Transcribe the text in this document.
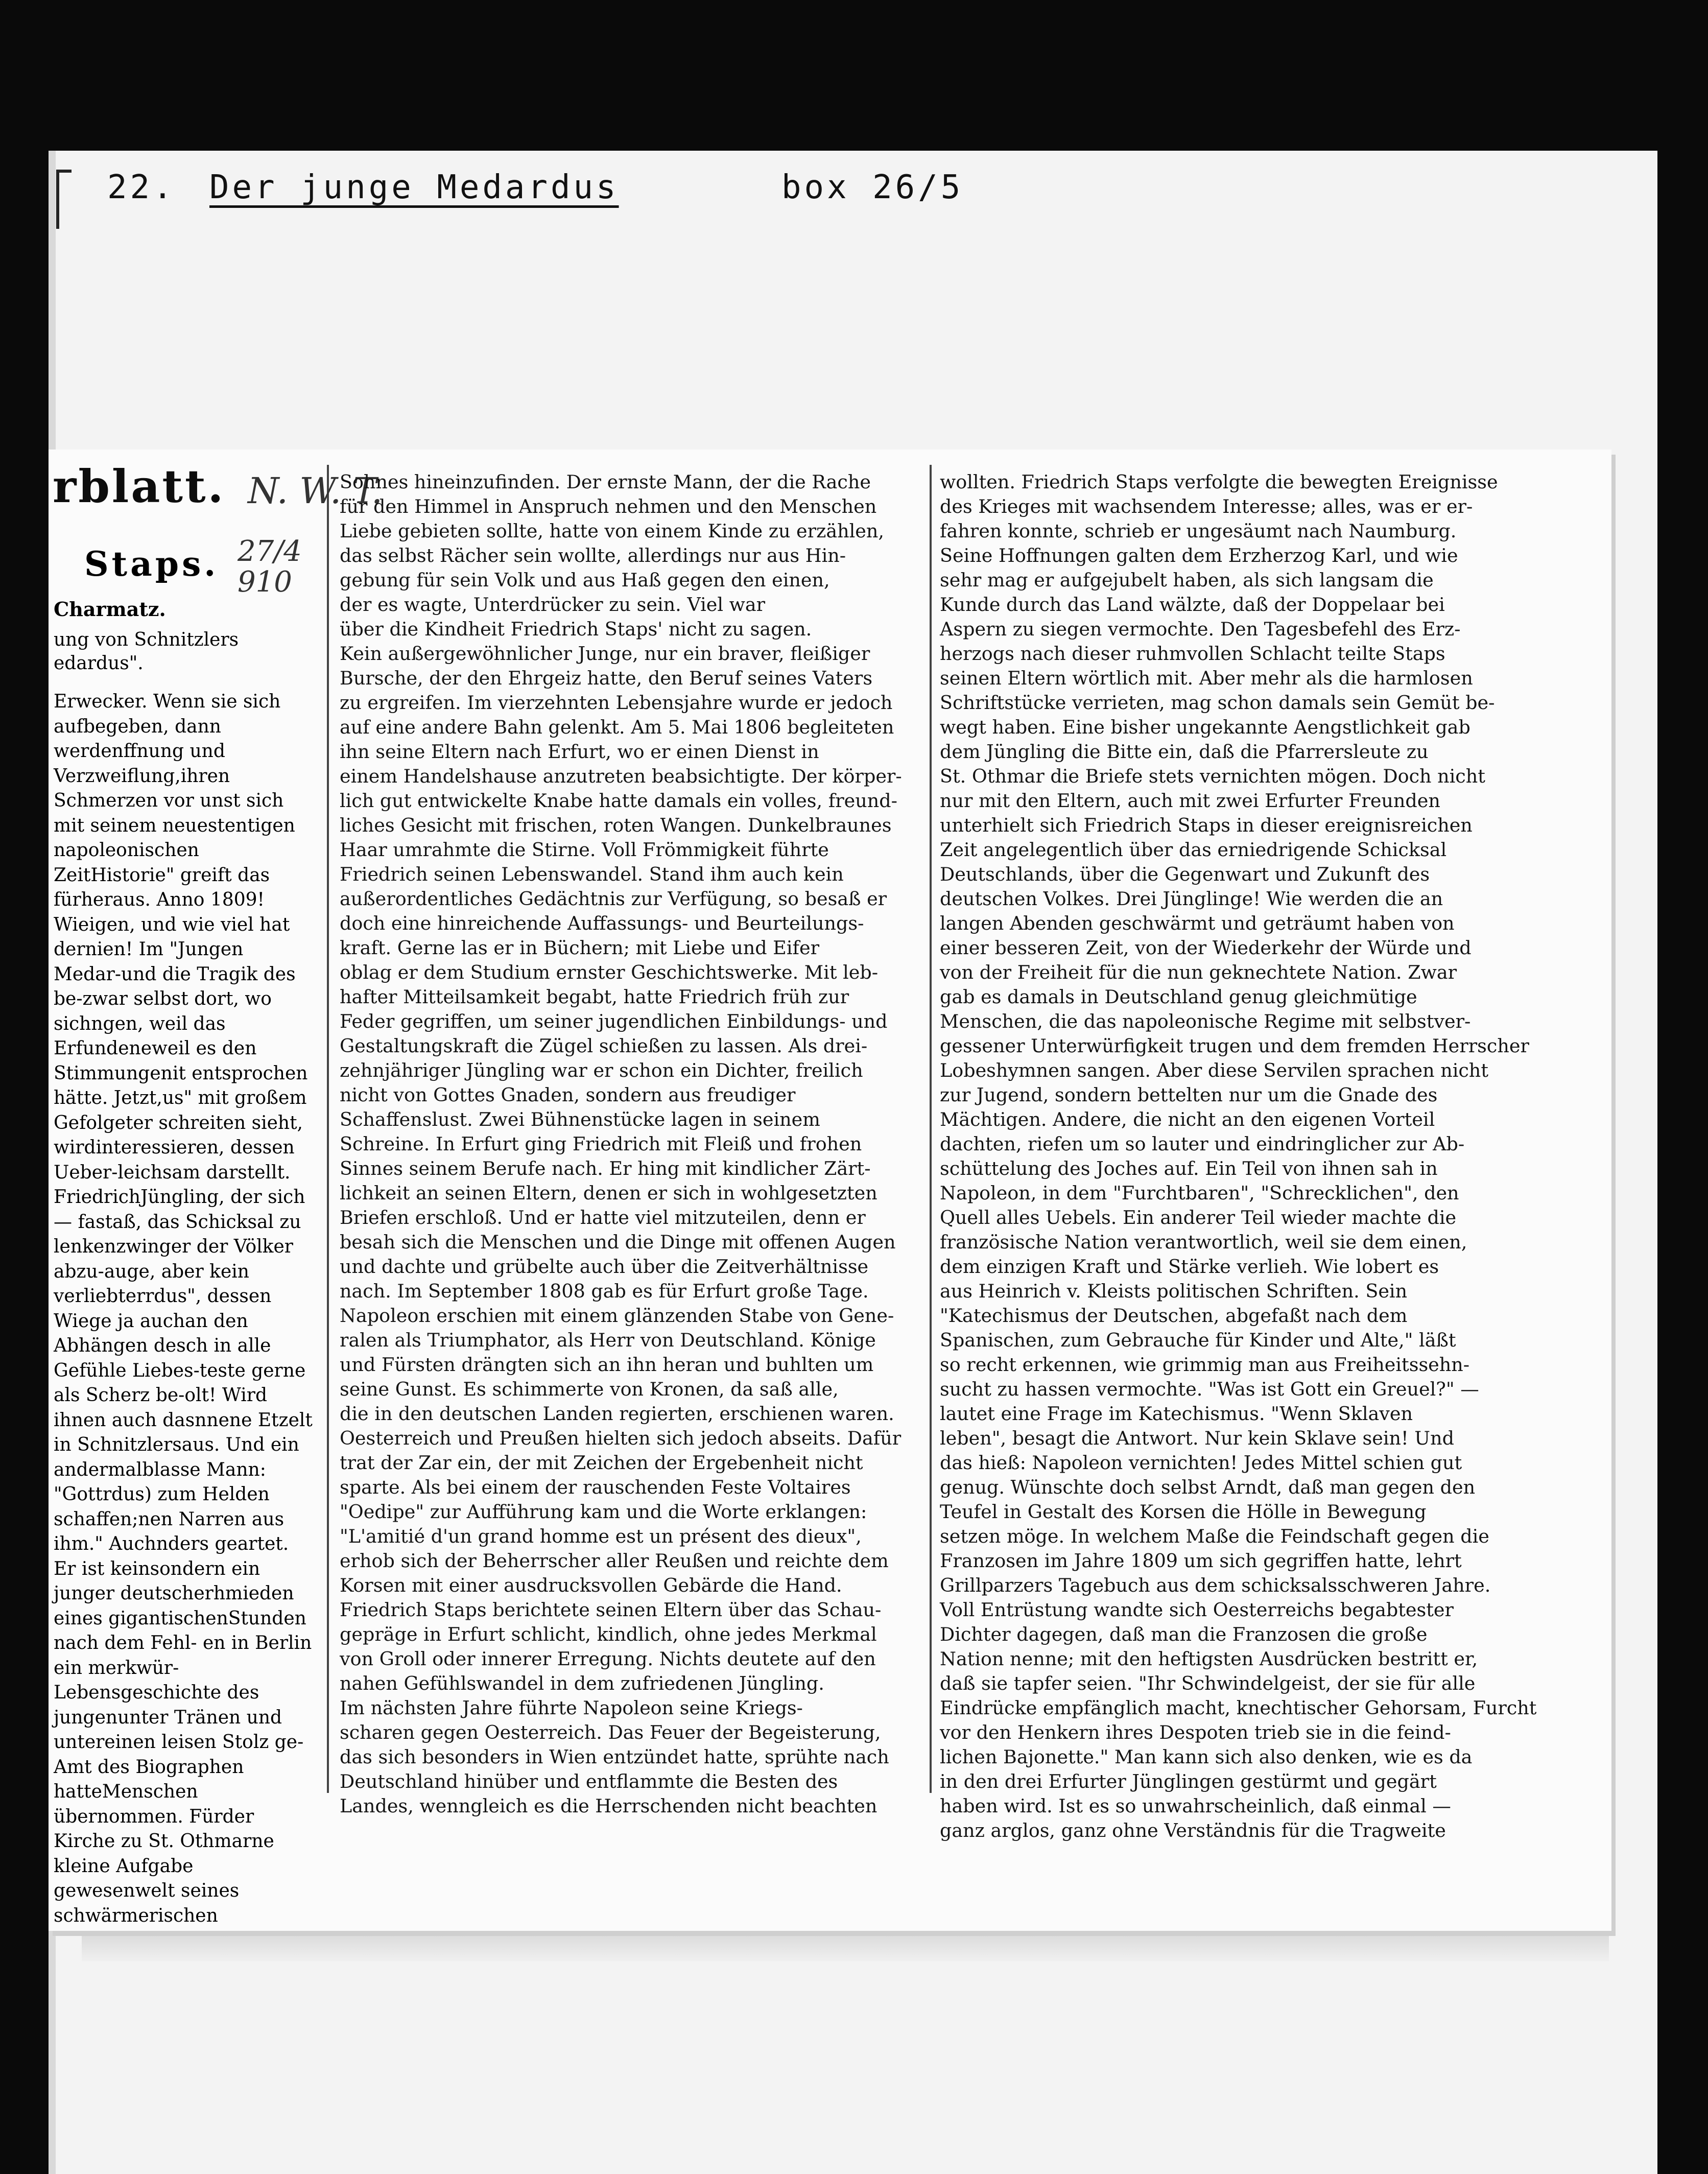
22. Der junge Medardus	box 26/5
rblatt. N. W. T.
Staps. 27/4 910
Charmatz.
ung von Schnitzlers edardus".
Erwecker. Wenn sie sich aufbegeben, dann werdenffnung und Verzweiflung,ihren Schmerzen vor unst sich mit seinem neuestentigen napoleonischen ZeitHistorie" greift das fürheraus. Anno 1809! Wieigen, und wie viel hat dernien! Im "Jungen Medar-und die Tragik des be-zwar selbst dort, wo sichngen, weil das Erfundeneweil es den Stimmungenit entsprochen hätte. Jetzt,us" mit großem Gefolgeter schreiten sieht, wirdinteressieren, dessen Ueber-leichsam darstellt. FriedrichJüngling, der sich — fastaß, das Schicksal zu lenkenzwinger der Völker abzu-auge, aber kein verliebterrdus", dessen Wiege ja auchan den Abhängen desch in alle Gefühle Liebes-teste gerne als Scherz be-olt! Wird ihnen auch dasnnene Etzelt in Schnitzlersaus. Und ein andermalblasse Mann: "Gottrdus) zum Helden schaffen;nen Narren aus ihm." Auchnders geartet. Er ist keinsondern ein junger deutscherhmieden eines gigantischenStunden nach dem Fehl- en in Berlin ein merkwür-Lebensgeschichte des jungenunter Tränen und untereinen leisen Stolz ge-Amt des Biographen hatteMenschen übernommen. Fürder Kirche zu St. Othmarne kleine Aufgabe gewesenwelt seines schwärmerischen
Sohnes hineinzufinden. Der ernste Mann, der die Rache
für den Himmel in Anspruch nehmen und den Menschen
Liebe gebieten sollte, hatte von einem Kinde zu erzählen,
das selbst Rächer sein wollte, allerdings nur aus Hin-
gebung für sein Volk und aus Haß gegen den einen,
der es wagte, Unterdrücker zu sein. Viel war
über die Kindheit Friedrich Staps' nicht zu sagen.
Kein außergewöhnlicher Junge, nur ein braver, fleißiger
Bursche, der den Ehrgeiz hatte, den Beruf seines Vaters
zu ergreifen. Im vierzehnten Lebensjahre wurde er jedoch
auf eine andere Bahn gelenkt. Am 5. Mai 1806 begleiteten
ihn seine Eltern nach Erfurt, wo er einen Dienst in
einem Handelshause anzutreten beabsichtigte. Der körper-
lich gut entwickelte Knabe hatte damals ein volles, freund-
liches Gesicht mit frischen, roten Wangen. Dunkelbraunes
Haar umrahmte die Stirne. Voll Frömmigkeit führte
Friedrich seinen Lebenswandel. Stand ihm auch kein
außerordentliches Gedächtnis zur Verfügung, so besaß er
doch eine hinreichende Auffassungs- und Beurteilungs-
kraft. Gerne las er in Büchern; mit Liebe und Eifer
oblag er dem Studium ernster Geschichtswerke. Mit leb-
hafter Mitteilsamkeit begabt, hatte Friedrich früh zur
Feder gegriffen, um seiner jugendlichen Einbildungs- und
Gestaltungskraft die Zügel schießen zu lassen. Als drei-
zehnjähriger Jüngling war er schon ein Dichter, freilich
nicht von Gottes Gnaden, sondern aus freudiger
Schaffenslust. Zwei Bühnenstücke lagen in seinem
Schreine. In Erfurt ging Friedrich mit Fleiß und frohen
Sinnes seinem Berufe nach. Er hing mit kindlicher Zärt-
lichkeit an seinen Eltern, denen er sich in wohlgesetzten
Briefen erschloß. Und er hatte viel mitzuteilen, denn er
besah sich die Menschen und die Dinge mit offenen Augen
und dachte und grübelte auch über die Zeitverhältnisse
nach. Im September 1808 gab es für Erfurt große Tage.
Napoleon erschien mit einem glänzenden Stabe von Gene-
ralen als Triumphator, als Herr von Deutschland. Könige
und Fürsten drängten sich an ihn heran und buhlten um
seine Gunst. Es schimmerte von Kronen, da saß alle,
die in den deutschen Landen regierten, erschienen waren.
Oesterreich und Preußen hielten sich jedoch abseits. Dafür
trat der Zar ein, der mit Zeichen der Ergebenheit nicht
sparte. Als bei einem der rauschenden Feste Voltaires
"Oedipe" zur Aufführung kam und die Worte erklangen:
"L'amitié d'un grand homme est un présent des dieux",
erhob sich der Beherrscher aller Reußen und reichte dem
Korsen mit einer ausdrucksvollen Gebärde die Hand.
Friedrich Staps berichtete seinen Eltern über das Schau-
gepräge in Erfurt schlicht, kindlich, ohne jedes Merkmal
von Groll oder innerer Erregung. Nichts deutete auf den
nahen Gefühlswandel in dem zufriedenen Jüngling.
Im nächsten Jahre führte Napoleon seine Kriegs-
scharen gegen Oesterreich. Das Feuer der Begeisterung,
das sich besonders in Wien entzündet hatte, sprühte nach
Deutschland hinüber und entflammte die Besten des
Landes, wenngleich es die Herrschenden nicht beachten
wollten. Friedrich Staps verfolgte die bewegten Ereignisse
des Krieges mit wachsendem Interesse; alles, was er er-
fahren konnte, schrieb er ungesäumt nach Naumburg.
Seine Hoffnungen galten dem Erzherzog Karl, und wie
sehr mag er aufgejubelt haben, als sich langsam die
Kunde durch das Land wälzte, daß der Doppelaar bei
Aspern zu siegen vermochte. Den Tagesbefehl des Erz-
herzogs nach dieser ruhmvollen Schlacht teilte Staps
seinen Eltern wörtlich mit. Aber mehr als die harmlosen
Schriftstücke verrieten, mag schon damals sein Gemüt be-
wegt haben. Eine bisher ungekannte Aengstlichkeit gab
dem Jüngling die Bitte ein, daß die Pfarrersleute zu
St. Othmar die Briefe stets vernichten mögen. Doch nicht
nur mit den Eltern, auch mit zwei Erfurter Freunden
unterhielt sich Friedrich Staps in dieser ereignisreichen
Zeit angelegentlich über das erniedrigende Schicksal
Deutschlands, über die Gegenwart und Zukunft des
deutschen Volkes. Drei Jünglinge! Wie werden die an
langen Abenden geschwärmt und geträumt haben von
einer besseren Zeit, von der Wiederkehr der Würde und
von der Freiheit für die nun geknechtete Nation. Zwar
gab es damals in Deutschland genug gleichmütige
Menschen, die das napoleonische Regime mit selbstver-
gessener Unterwürfigkeit trugen und dem fremden Herrscher
Lobeshymnen sangen. Aber diese Servilen sprachen nicht
zur Jugend, sondern bettelten nur um die Gnade des
Mächtigen. Andere, die nicht an den eigenen Vorteil
dachten, riefen um so lauter und eindringlicher zur Ab-
schüttelung des Joches auf. Ein Teil von ihnen sah in
Napoleon, in dem "Furchtbaren", "Schrecklichen", den
Quell alles Uebels. Ein anderer Teil wieder machte die
französische Nation verantwortlich, weil sie dem einen,
dem einzigen Kraft und Stärke verlieh. Wie lobert es
aus Heinrich v. Kleists politischen Schriften. Sein
"Katechismus der Deutschen, abgefaßt nach dem
Spanischen, zum Gebrauche für Kinder und Alte," läßt
so recht erkennen, wie grimmig man aus Freiheitssehn-
sucht zu hassen vermochte. "Was ist Gott ein Greuel?" —
lautet eine Frage im Katechismus. "Wenn Sklaven
leben", besagt die Antwort. Nur kein Sklave sein! Und
das hieß: Napoleon vernichten! Jedes Mittel schien gut
genug. Wünschte doch selbst Arndt, daß man gegen den
Teufel in Gestalt des Korsen die Hölle in Bewegung
setzen möge. In welchem Maße die Feindschaft gegen die
Franzosen im Jahre 1809 um sich gegriffen hatte, lehrt
Grillparzers Tagebuch aus dem schicksalsschweren Jahre.
Voll Entrüstung wandte sich Oesterreichs begabtester
Dichter dagegen, daß man die Franzosen die große
Nation nenne; mit den heftigsten Ausdrücken bestritt er,
daß sie tapfer seien. "Ihr Schwindelgeist, der sie für alle
Eindrücke empfänglich macht, knechtischer Gehorsam, Furcht
vor den Henkern ihres Despoten trieb sie in die feind-
lichen Bajonette." Man kann sich also denken, wie es da
in den drei Erfurter Jünglingen gestürmt und gegärt
haben wird. Ist es so unwahrscheinlich, daß einmal —
ganz arglos, ganz ohne Verständnis für die Tragweite
